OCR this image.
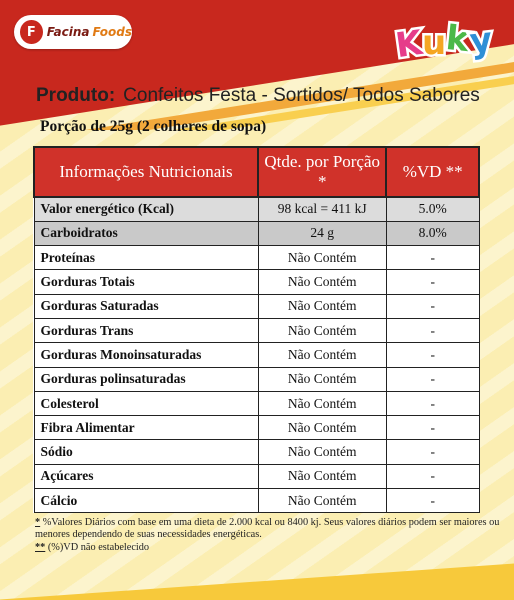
F Facina Foods	K
u
k
y
Produto: Confeitos Festa - Sortidos/ Todos Sabores
Porção de 25g (2 colheres de sopa)
Informações Nutricionais	Qtde. por Porção *	%VD **
Valor energético (Kcal)	98 kcal = 411 kJ	5.0%
Carboidratos	24 g	8.0%
Proteínas	Não Contém	-
Gorduras Totais	Não Contém	-
Gorduras Saturadas	Não Contém	-
Gorduras Trans	Não Contém	-
Gorduras Monoinsaturadas	Não Contém	-
Gorduras polinsaturadas	Não Contém	-
Colesterol	Não Contém	-
Fibra Alimentar	Não Contém	-
Sódio	Não Contém	-
Açúcares	Não Contém	-
Cálcio	Não Contém	-

* %Valores Diários com base em uma dieta de 2.000 kcal ou 8400 kj. Seus valores diários podem ser maiores ou menores dependendo de suas necessidades energéticas.

** (%)VD não estabelecido
